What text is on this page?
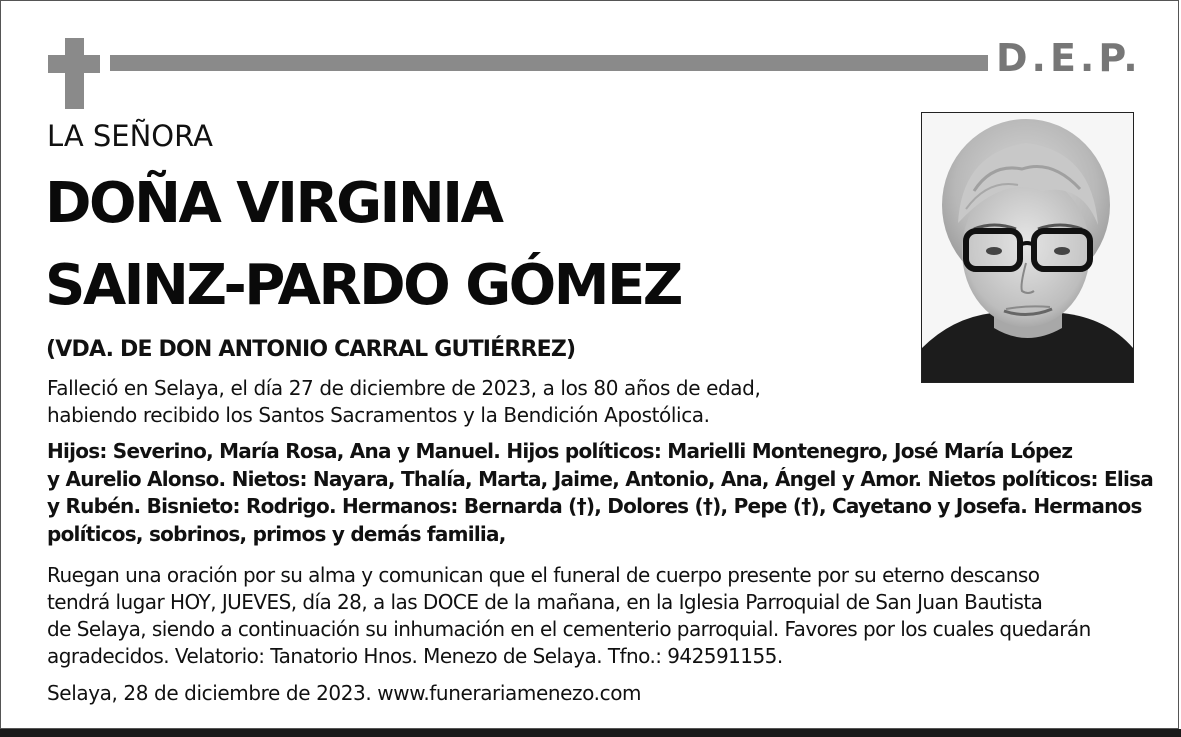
D.E.P.
LA SEÑORA
DOÑA VIRGINIA
SAINZ-PARDO GÓMEZ
(VDA. DE DON ANTONIO CARRAL GUTIÉRREZ)
Falleció en Selaya, el día 27 de diciembre de 2023, a los 80 años de edad,
habiendo recibido los Santos Sacramentos y la Bendición Apostólica.
Hijos: Severino, María Rosa, Ana y Manuel. Hijos políticos: Marielli Montenegro, José María López
y Aurelio Alonso. Nietos: Nayara, Thalía, Marta, Jaime, Antonio, Ana, Ángel y Amor. Nietos políticos: Elisa
y Rubén. Bisnieto: Rodrigo. Hermanos: Bernarda (†), Dolores (†), Pepe (†), Cayetano y Josefa. Hermanos
políticos, sobrinos, primos y demás familia,
Ruegan una oración por su alma y comunican que el funeral de cuerpo presente por su eterno descanso
tendrá lugar HOY, JUEVES, día 28, a las DOCE de la mañana, en la Iglesia Parroquial de San Juan Bautista
de Selaya, siendo a continuación su inhumación en el cementerio parroquial. Favores por los cuales quedarán
agradecidos. Velatorio: Tanatorio Hnos. Menezo de Selaya. Tfno.: 942591155.
Selaya, 28 de diciembre de 2023. www.funerariamenezo.com
